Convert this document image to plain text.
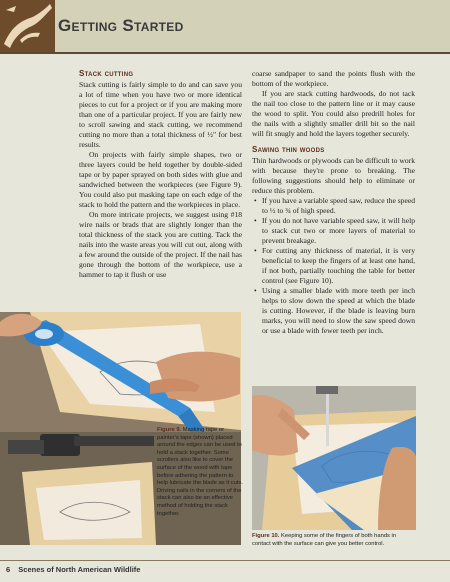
Getting Started
Stack cutting

Stack cutting is fairly simple to do and can save you a lot of time when you have two or more identical pieces to cut for a project or if you are making more than one of a particular project. If you are fairly new to scroll sawing and stack cutting, we recommend cutting no more than a total thickness of ½" for best results.

On projects with fairly simple shapes, two or three layers could be held together by double-sided tape or by paper sprayed on both sides with glue and sandwiched between the workpieces (see Figure 9). You could also put masking tape on each edge of the stack to hold the pattern and the workpieces in place.

On more intricate projects, we suggest using #18 wire nails or brads that are slightly longer than the total thickness of the stack you are cutting. Tack the nails into the waste areas you will cut out, along with a few around the outside of the project. If the nail has gone through the bottom of the workpiece, use a hammer to tap it flush or use

coarse sandpaper to sand the points flush with the bottom of the workpiece.

If you are stack cutting hardwoods, do not tack the nail too close to the pattern line or it may cause the wood to split. You could also predrill holes for the nails with a slightly smaller drill bit so the nail will fit snugly and hold the layers together securely.

Sawing thin woods

Thin hardwoods or plywoods can be difficult to work with because they're prone to breaking. The following suggestions should help to eliminate or reduce this problem.

• If you have a variable speed saw, reduce the speed to ½ to ¾ of high speed.
• If you do not have variable speed saw, it will help to stack cut two or more layers of material to prevent breakage.
• For cutting any thickness of material, it is very beneficial to keep the fingers of at least one hand, if not both, partially touching the table for better control (see Figure 10).
• Using a smaller blade with more teeth per inch helps to slow down the speed at which the blade is cutting. However, if the blade is leaving burn marks, you will need to slow the saw speed down or use a blade with fewer teeth per inch.
Figure 9. Masking tape or painter's tape (shown) placed around the edges can be used to hold a stack together. Some scrollers also like to cover the surface of the wood with tape before adhering the pattern to help lubricate the blade as it cuts. Driving nails in the corners of the stack can also be an effective method of holding the stack together.
Figure 10. Keeping some of the fingers of both hands in contact with the surface can give you better control.
6 Scenes of North American Wildlife
